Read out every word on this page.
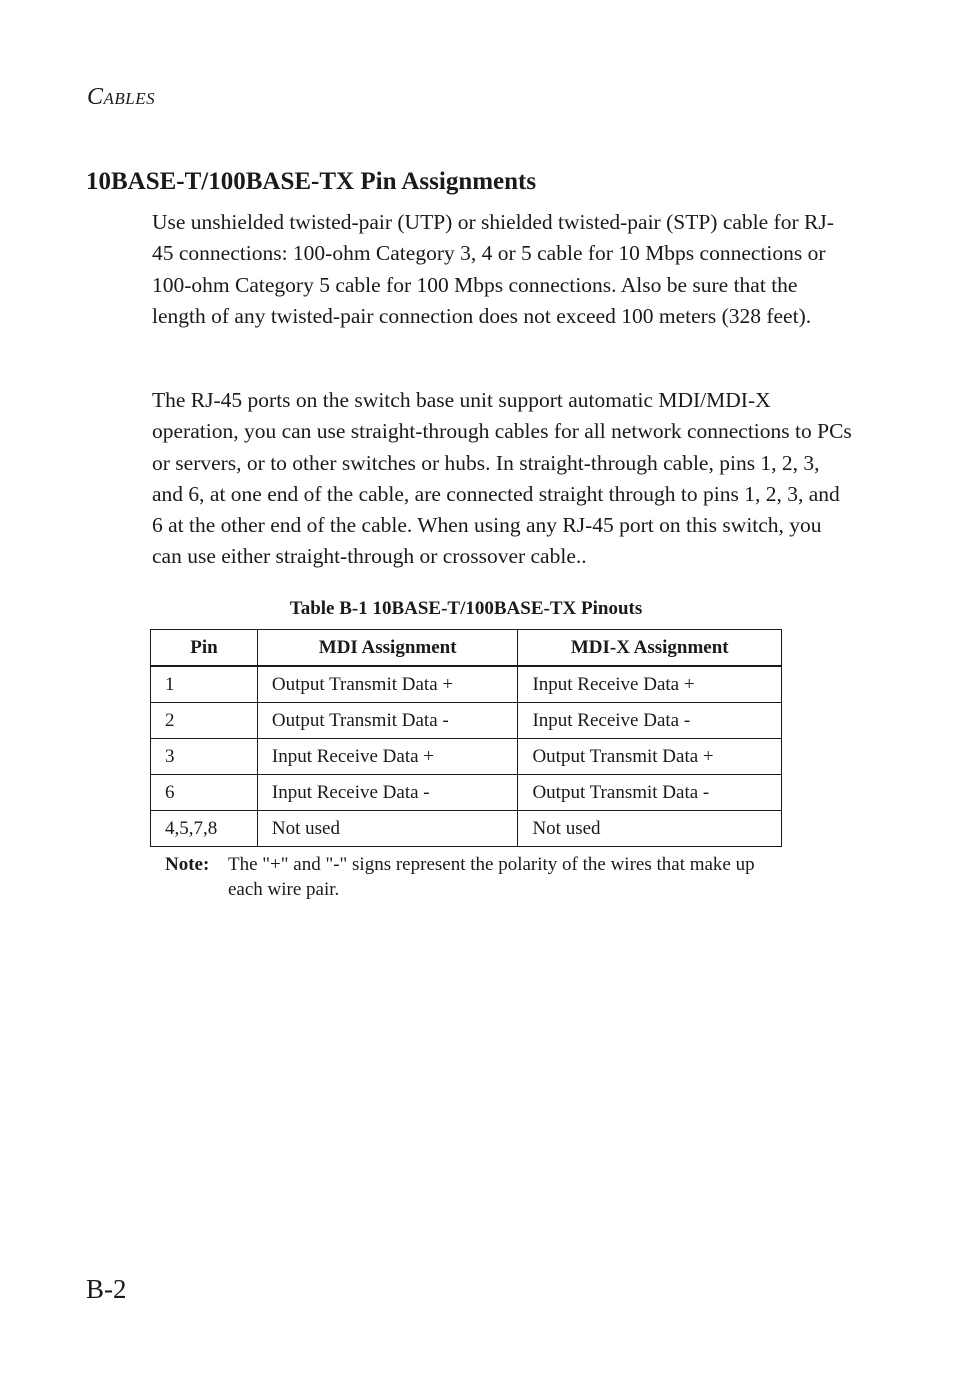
Cables
10BASE-T/100BASE-TX Pin Assignments

Use unshielded twisted-pair (UTP) or shielded twisted-pair (STP) cable for RJ-45 connections: 100-ohm Category 3, 4 or 5 cable for 10 Mbps connections or 100-ohm Category 5 cable for 100 Mbps connections. Also be sure that the length of any twisted-pair connection does not exceed 100 meters (328 feet).

The RJ-45 ports on the switch base unit support automatic MDI/MDI-X operation, you can use straight-through cables for all network connections to PCs or servers, or to other switches or hubs. In straight-through cable, pins 1, 2, 3, and 6, at one end of the cable, are connected straight through to pins 1, 2, 3, and 6 at the other end of the cable. When using any RJ-45 port on this switch, you can use either straight-through or crossover cable..

Table B-1 10BASE-T/100BASE-TX Pinouts
Pin	MDI Assignment	MDI-X Assignment
1	Output Transmit Data +	Input Receive Data +
2	Output Transmit Data -	Input Receive Data -
3	Input Receive Data +	Output Transmit Data +
6	Input Receive Data -	Output Transmit Data -
4,5,7,8	Not used	Not used
Note: The "+" and "-" signs represent the polarity of the wires that make up each wire pair.
B-2
